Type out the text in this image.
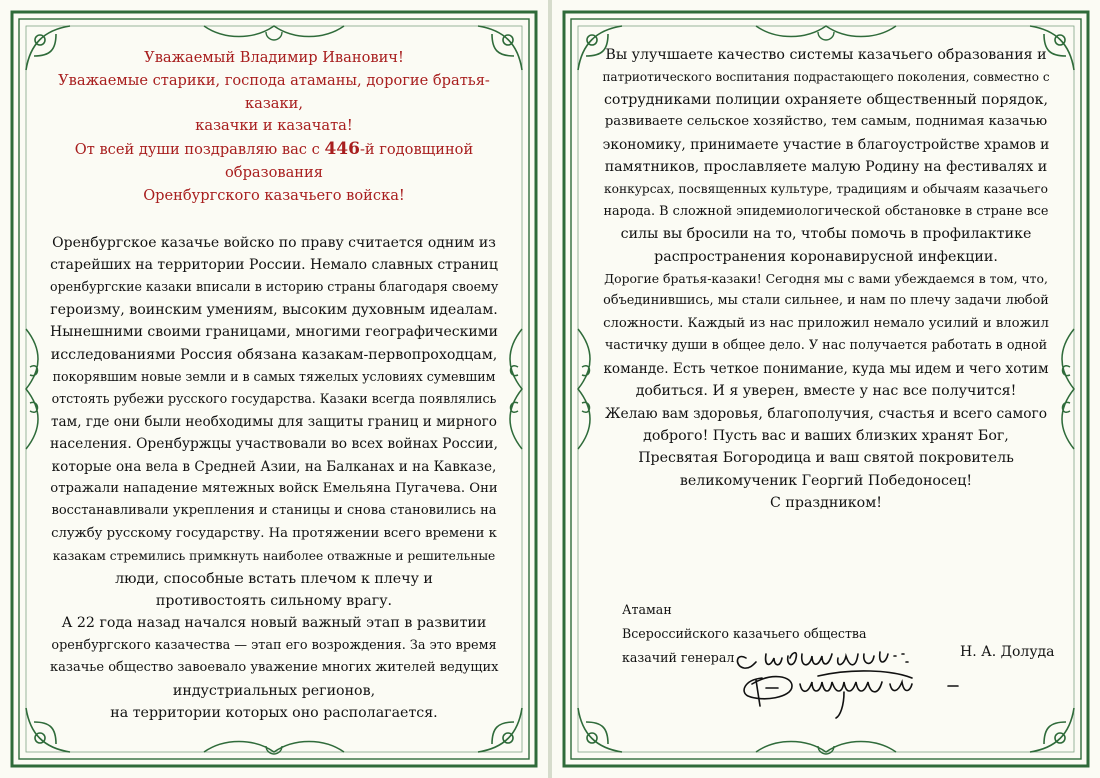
Уважаемый Владимир Иванович!
Уважаемые старики, господа атаманы, дорогие братья-казаки,
казачки и казачата!
От всей души поздравляю вас с 446-й годовщиной образования
Оренбургского казачьего войска!
Оренбургское казачье войско по праву считается одним из
старейших на территории России. Немало славных страниц
оренбургские казаки вписали в историю страны благодаря своему
героизму, воинским умениям, высоким духовным идеалам.
Нынешними своими границами, многими географическими
исследованиями Россия обязана казакам-первопроходцам,
покорявшим новые земли и в самых тяжелых условиях сумевшим
отстоять рубежи русского государства. Казаки всегда появлялись
там, где они были необходимы для защиты границ и мирного
населения. Оренбуржцы участвовали во всех войнах России,
которые она вела в Средней Азии, на Балканах и на Кавказе,
отражали нападение мятежных войск Емельяна Пугачева. Они
восстанавливали укрепления и станицы и снова становились на
службу русскому государству. На протяжении всего времени к
казакам стремились примкнуть наиболее отважные и решительные
люди, способные встать плечом к плечу и
противостоять сильному врагу.
А 22 года назад начался новый важный этап в развитии
оренбургского казачества — этап его возрождения. За это время
казачье общество завоевало уважение многих жителей ведущих
индустриальных регионов,
на территории которых оно располагается.
Вы улучшаете качество системы казачьего образования и
патриотического воспитания подрастающего поколения, совместно с
сотрудниками полиции охраняете общественный порядок,
развиваете сельское хозяйство, тем самым, поднимая казачью
экономику, принимаете участие в благоустройстве храмов и
памятников, прославляете малую Родину на фестивалях и
конкурсах, посвященных культуре, традициям и обычаям казачьего
народа. В сложной эпидемиологической обстановке в стране все
силы вы бросили на то, чтобы помочь в профилактике
распространения коронавирусной инфекции.
Дорогие братья-казаки! Сегодня мы с вами убеждаемся в том, что,
объединившись, мы стали сильнее, и нам по плечу задачи любой
сложности. Каждый из нас приложил немало усилий и вложил
частичку души в общее дело. У нас получается работать в одной
команде. Есть четкое понимание, куда мы идем и чего хотим
добиться. И я уверен, вместе у нас все получится!
Желаю вам здоровья, благополучия, счастья и всего самого
доброго! Пусть вас и ваших близких хранят Бог,
Пресвятая Богородица и ваш святой покровитель
великомученик Георгий Победоносец!
С праздником!
Атаман
Всероссийского казачьего общества
казачий генерал	Н. А. Долуда
